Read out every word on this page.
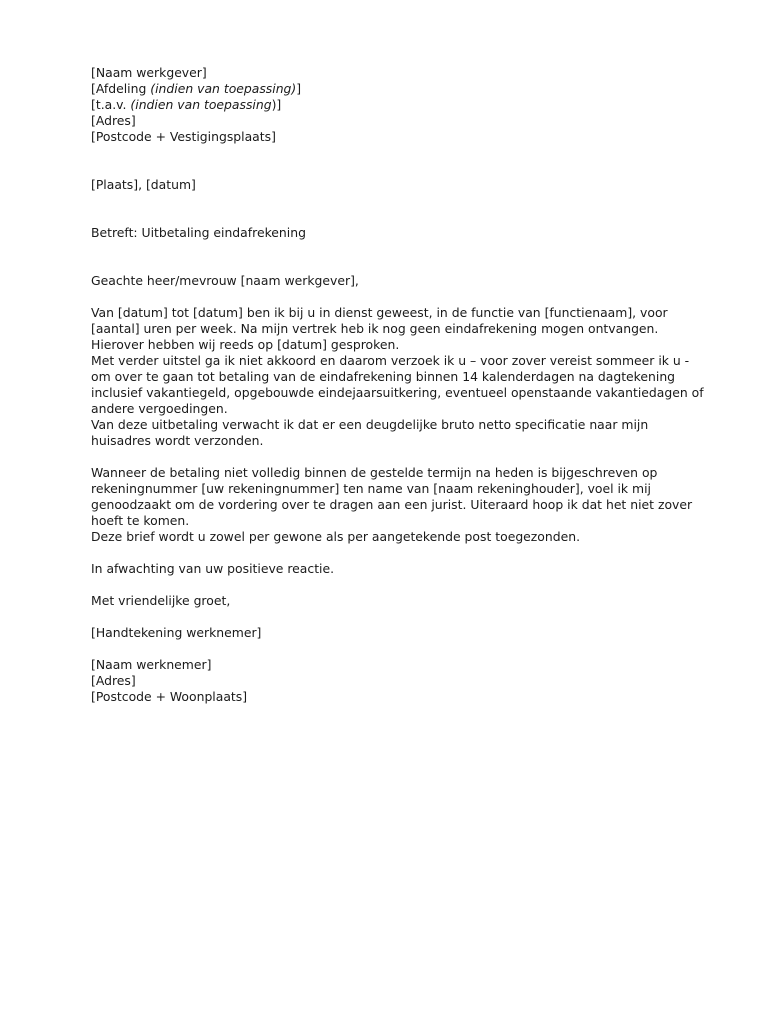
[Naam werkgever]
[Afdeling (indien van toepassing)]
[t.a.v. (indien van toepassing)]
[Adres]
[Postcode + Vestigingsplaats]
[Plaats], [datum]
Betreft: Uitbetaling eindafrekening
Geachte heer/mevrouw [naam werkgever],
Van [datum] tot [datum] ben ik bij u in dienst geweest, in de functie van [functienaam], voor
[aantal] uren per week. Na mijn vertrek heb ik nog geen eindafrekening mogen ontvangen.
Hierover hebben wij reeds op [datum] gesproken.
Met verder uitstel ga ik niet akkoord en daarom verzoek ik u – voor zover vereist sommeer ik u -
om over te gaan tot betaling van de eindafrekening binnen 14 kalenderdagen na dagtekening
inclusief vakantiegeld, opgebouwde eindejaarsuitkering, eventueel openstaande vakantiedagen of
andere vergoedingen.
Van deze uitbetaling verwacht ik dat er een deugdelijke bruto netto specificatie naar mijn
huisadres wordt verzonden.
Wanneer de betaling niet volledig binnen de gestelde termijn na heden is bijgeschreven op
rekeningnummer [uw rekeningnummer] ten name van [naam rekeninghouder], voel ik mij
genoodzaakt om de vordering over te dragen aan een jurist. Uiteraard hoop ik dat het niet zover
hoeft te komen.
Deze brief wordt u zowel per gewone als per aangetekende post toegezonden.
In afwachting van uw positieve reactie.
Met vriendelijke groet,
[Handtekening werknemer]
[Naam werknemer]
[Adres]
[Postcode + Woonplaats]
